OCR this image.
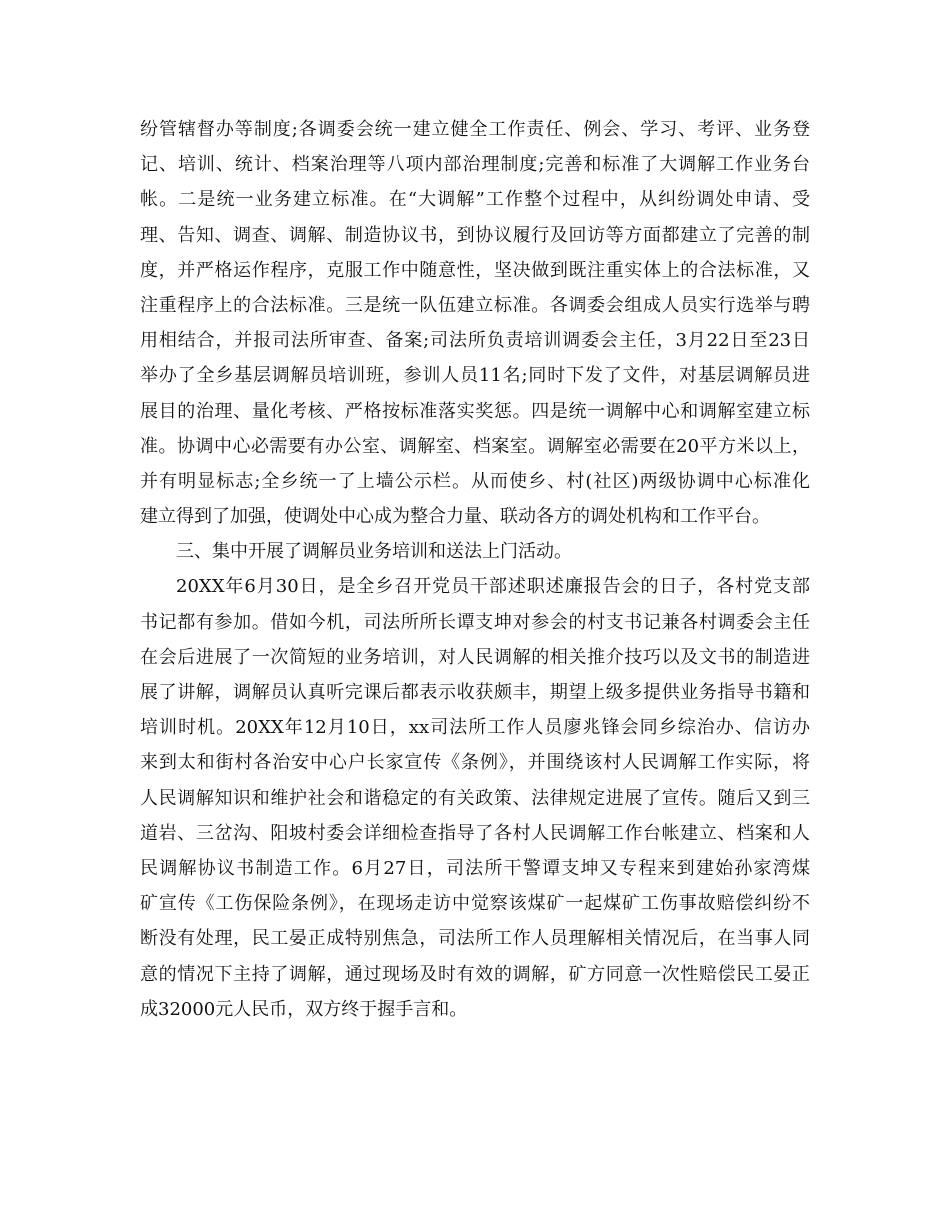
纷管辖督办等制度;各调委会统一建立健全工作责任、例会、学习、考评、业务登
记、培训、统计、档案治理等八项内部治理制度;完善和标准了大调解工作业务台
帐。二是统一业务建立标准。在“大调解”工作整个过程中，从纠纷调处申请、受
理、告知、调查、调解、制造协议书，到协议履行及回访等方面都建立了完善的制
度，并严格运作程序，克服工作中随意性，坚决做到既注重实体上的合法标准，又
注重程序上的合法标准。三是统一队伍建立标准。各调委会组成人员实行选举与聘
用相结合，并报司法所审查、备案;司法所负责培训调委会主任，3月22日至23日
举办了全乡基层调解员培训班，参训人员11名;同时下发了文件，对基层调解员进
展目的治理、量化考核、严格按标准落实奖惩。四是统一调解中心和调解室建立标
准。协调中心必需要有办公室、调解室、档案室。调解室必需要在20平方米以上，
并有明显标志;全乡统一了上墙公示栏。从而使乡、村(社区)两级协调中心标准化
建立得到了加强，使调处中心成为整合力量、联动各方的调处机构和工作平台。
三、集中开展了调解员业务培训和送法上门活动。
20XX年6月30日，是全乡召开党员干部述职述廉报告会的日子，各村党支部
书记都有参加。借如今机，司法所所长谭支坤对参会的村支书记兼各村调委会主任
在会后进展了一次简短的业务培训，对人民调解的相关推介技巧以及文书的制造进
展了讲解，调解员认真听完课后都表示收获颇丰，期望上级多提供业务指导书籍和
培训时机。20XX年12月10日，xx司法所工作人员廖兆锋会同乡综治办、信访办
来到太和街村各治安中心户长家宣传《条例》，并围绕该村人民调解工作实际，将
人民调解知识和维护社会和谐稳定的有关政策、法律规定进展了宣传。随后又到三
道岩、三岔沟、阳坡村委会详细检查指导了各村人民调解工作台帐建立、档案和人
民调解协议书制造工作。6月27日，司法所干警谭支坤又专程来到建始孙家湾煤
矿宣传《工伤保险条例》，在现场走访中觉察该煤矿一起煤矿工伤事故赔偿纠纷不
断没有处理，民工晏正成特别焦急，司法所工作人员理解相关情况后，在当事人同
意的情况下主持了调解，通过现场及时有效的调解，矿方同意一次性赔偿民工晏正
成32000元人民币，双方终于握手言和。
